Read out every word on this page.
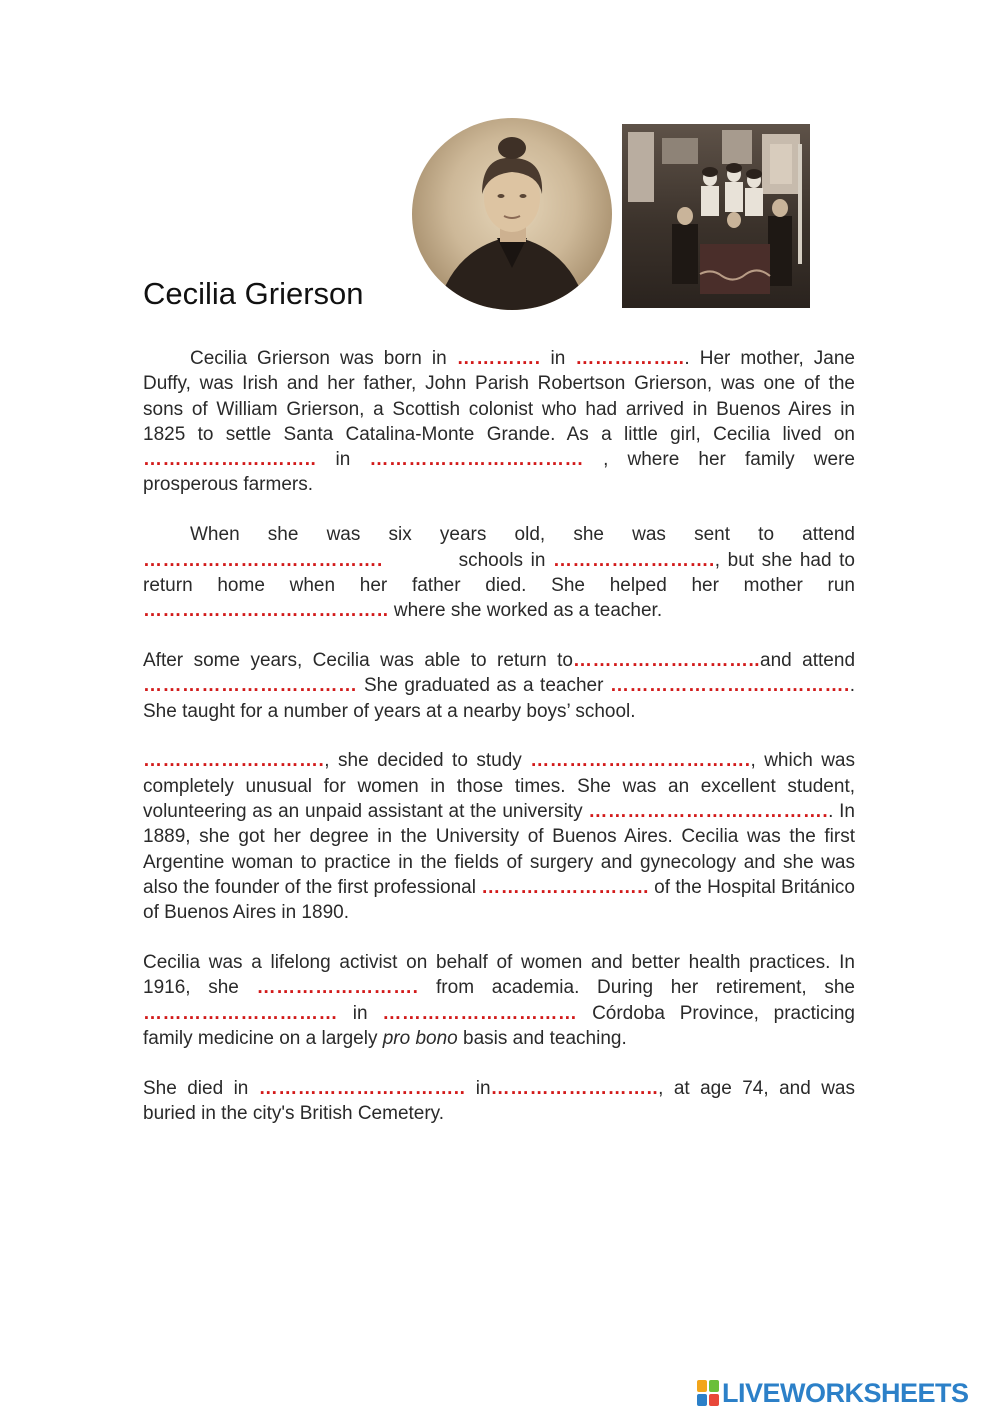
Cecilia Grierson

Cecilia Grierson was born in …………. in ……………... Her mother, Jane Duffy, was Irish and her father, John Parish Robertson Grierson, was one of the sons of William Grierson, a Scottish colonist who had arrived in Buenos Aires in 1825 to settle Santa Catalina-Monte Grande. As a little girl, Cecilia lived on ……………….…….. in …………………………… , where her family were prosperous farmers.

When she was six years old, she was sent to attend ……………………………….          schools in ……………………., but she had to return home when her father died. She helped her mother run ……………………………….. where she worked as a teacher.

After some years, Cecilia was able to return to………………………..and attend …………………………… She graduated as a teacher ……………………………….. She taught for a number of years at a nearby boys’ school.

………………………., she decided to study ……………………………., which was completely unusual for women in those times. She was an excellent student, volunteering as an unpaid assistant at the university ……………………………….. In 1889, she got her degree in the University of Buenos Aires. Cecilia was the first Argentine woman to practice in the fields of surgery and gynecology and she was also the founder of the first professional …………………….. of the Hospital Británico of Buenos Aires in 1890.

Cecilia was a lifelong activist on behalf of women and better health practices. In 1916, she ……………………. from academia. During her retirement, she ………………………… in ………………………… Córdoba Province, practicing family medicine on a largely pro bono basis and teaching.

She died in ………………………….. in…………………….., at age 74, and was buried in the city's British Cemetery.

LIVEWORKSHEETS
